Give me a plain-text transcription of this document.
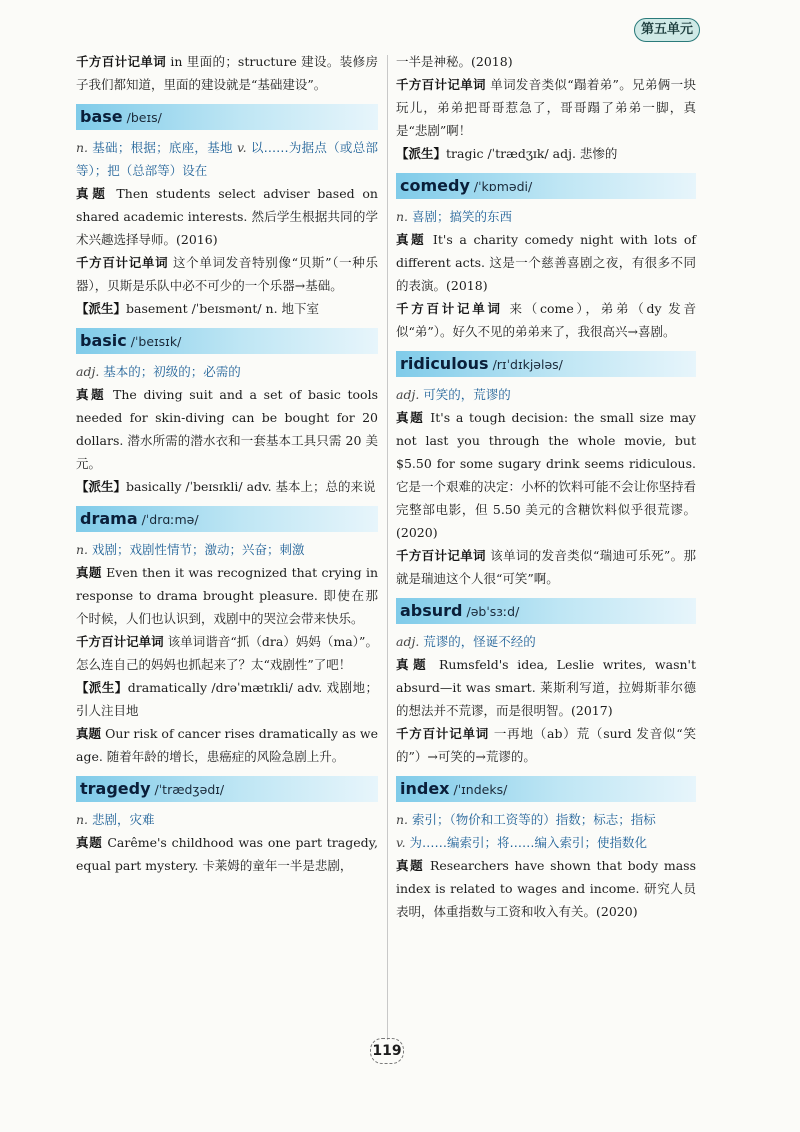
第五单元

千方百计记单词 in 里面的；structure 建设。装修房子我们都知道，里面的建设就是“基础建设”。

base /beɪs/

n. 基础；根据；底座，基地 v. 以……为据点（或总部等）；把（总部等）设在

真题 Then students select adviser based on shared academic interests. 然后学生根据共同的学术兴趣选择导师。(2016)

千方百计记单词 这个单词发音特别像“贝斯”（一种乐器），贝斯是乐队中必不可少的一个乐器→基础。

【派生】basement /ˈbeɪsmənt/ n. 地下室

basic /ˈbeɪsɪk/

adj. 基本的；初级的；必需的

真题 The diving suit and a set of basic tools needed for skin-diving can be bought for 20 dollars. 潜水所需的潜水衣和一套基本工具只需 20 美元。

【派生】basically /ˈbeɪsɪkli/ adv. 基本上；总的来说

drama /ˈdrɑːmə/

n. 戏剧；戏剧性情节；激动；兴奋；刺激

真题 Even then it was recognized that crying in response to drama brought pleasure. 即使在那个时候，人们也认识到，戏剧中的哭泣会带来快乐。

千方百计记单词 该单词谐音“抓（dra）妈妈（ma）”。怎么连自己的妈妈也抓起来了？太“戏剧性”了吧！

【派生】dramatically /drəˈmætɪkli/ adv. 戏剧地；引人注目地

真题 Our risk of cancer rises dramatically as we age. 随着年龄的增长，患癌症的风险急剧上升。

tragedy /ˈtrædʒədɪ/

n. 悲剧，灾难

真题 Carême's childhood was one part tragedy, equal part mystery. 卡莱姆的童年一半是悲剧，

一半是神秘。(2018)

千方百计记单词 单词发音类似“蹋着弟”。兄弟俩一块玩儿，弟弟把哥哥惹急了，哥哥蹋了弟弟一脚，真是“悲剧”啊！

【派生】tragic /ˈtrædʒɪk/ adj. 悲惨的

comedy /ˈkɒmədi/

n. 喜剧；搞笑的东西

真题 It's a charity comedy night with lots of different acts. 这是一个慈善喜剧之夜，有很多不同的表演。(2018)

千方百计记单词 来（come），弟弟（dy 发音似“弟”）。好久不见的弟弟来了，我很高兴→喜剧。

ridiculous /rɪˈdɪkjələs/

adj. 可笑的，荒谬的

真题 It's a tough decision: the small size may not last you through the whole movie, but $5.50 for some sugary drink seems ridiculous. 它是一个艰难的决定：小杯的饮料可能不会让你坚持看完整部电影，但 5.50 美元的含糖饮料似乎很荒谬。(2020)

千方百计记单词 该单词的发音类似“瑞迪可乐死”。那就是瑞迪这个人很“可笑”啊。

absurd /əbˈsɜːd/

adj. 荒谬的，怪诞不经的

真题 Rumsfeld's idea, Leslie writes, wasn't absurd—it was smart. 莱斯利写道，拉姆斯菲尔德的想法并不荒谬，而是很明智。(2017)

千方百计记单词 一再地（ab）荒（surd 发音似“笑的”）→可笑的→荒谬的。

index /ˈɪndeks/

n. 索引；（物价和工资等的）指数；标志；指标

v. 为……编索引；将……编入索引；使指数化

真题 Researchers have shown that body mass index is related to wages and income. 研究人员表明，体重指数与工资和收入有关。(2020)

119
